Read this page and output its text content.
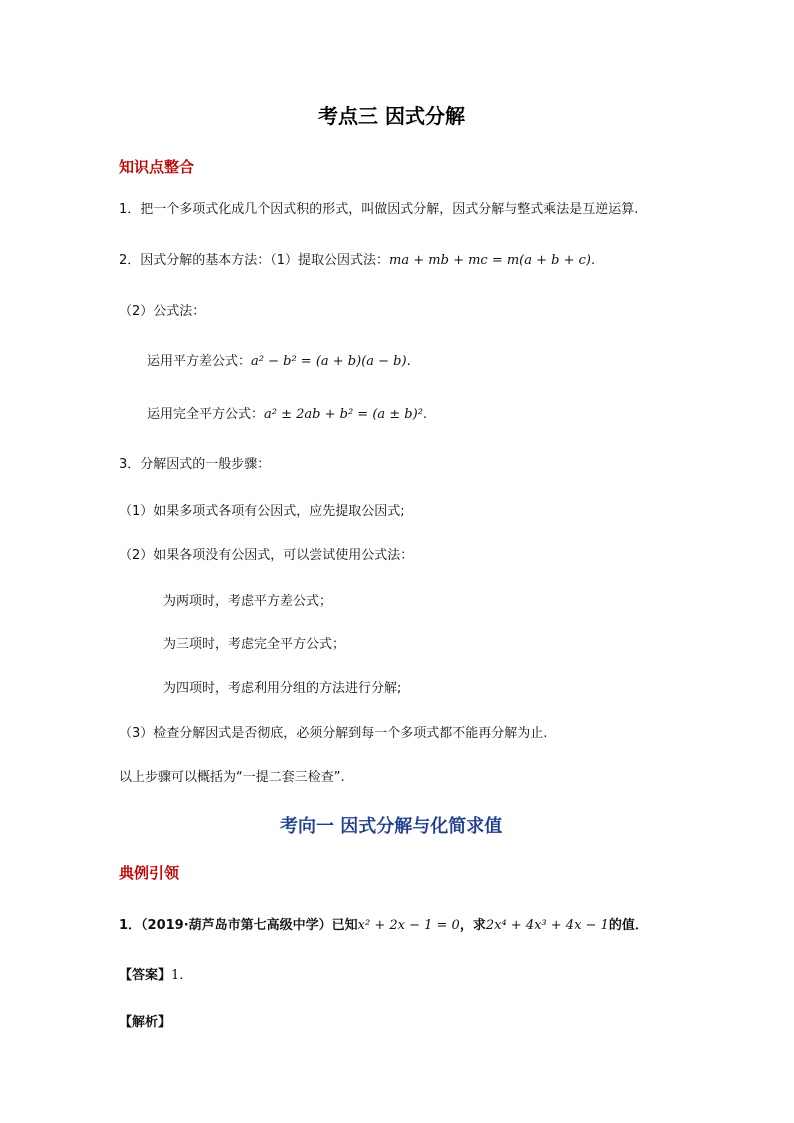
考点三 因式分解
知识点整合
1．把一个多项式化成几个因式积的形式，叫做因式分解，因式分解与整式乘法是互逆运算.
2．因式分解的基本方法：（1）提取公因式法：ma + mb + mc = m(a + b + c).
（2）公式法：
运用平方差公式：a² − b² = (a + b)(a − b).
运用完全平方公式：a² ± 2ab + b² = (a ± b)².
3．分解因式的一般步骤：
（1）如果多项式各项有公因式，应先提取公因式;
（2）如果各项没有公因式，可以尝试使用公式法：
为两项时，考虑平方差公式；
为三项时，考虑完全平方公式；
为四项时，考虑利用分组的方法进行分解;
（3）检查分解因式是否彻底，必须分解到每一个多项式都不能再分解为止.
以上步骤可以概括为“一提二套三检查”.
考向一 因式分解与化简求值
典例引领
1．（2019·葫芦岛市第七高级中学）已知x² + 2x − 1 = 0，求2x⁴ + 4x³ + 4x − 1的值．
【答案】1.
【解析】
